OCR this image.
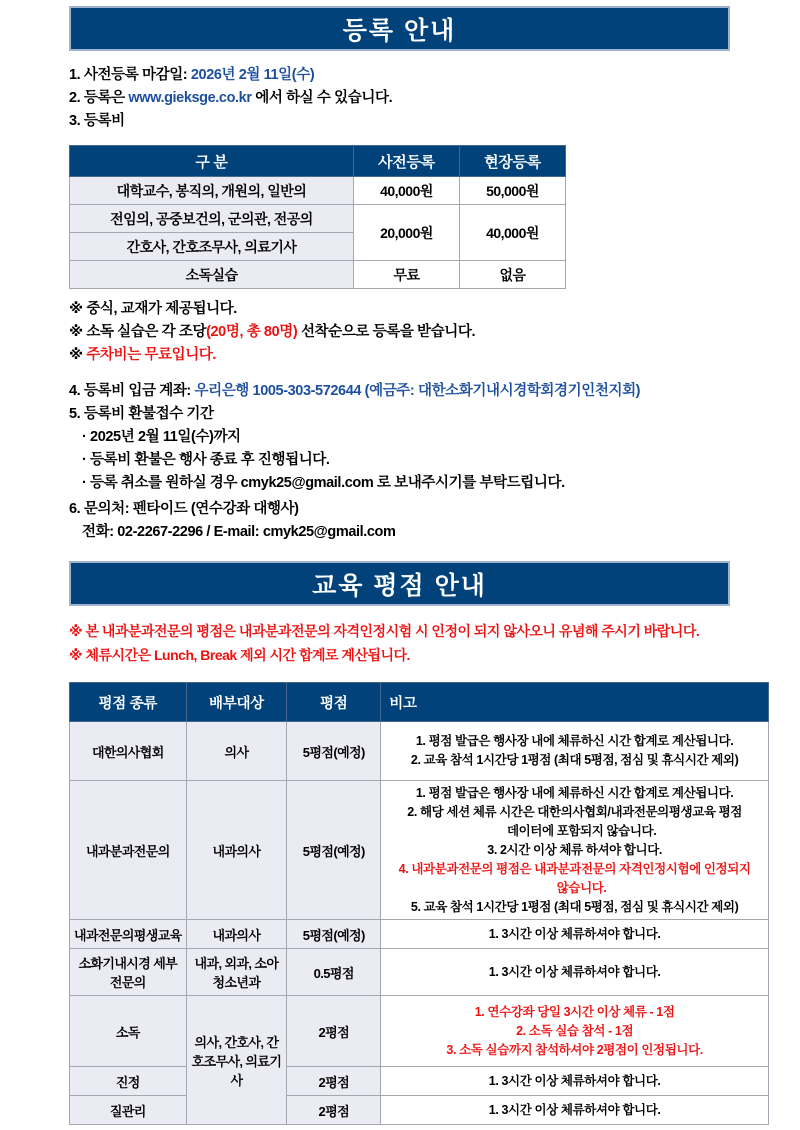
등록 안내

1. 사전등록 마감일: 2026년 2월 11일(수)

2. 등록은 www.gieksge.co.kr 에서 하실 수 있습니다.

3. 등록비

구 분	사전등록	현장등록
대학교수, 봉직의, 개원의, 일반의	40,000원	50,000원
전임의, 공중보건의, 군의관, 전공의	20,000원	40,000원
간호사, 간호조무사, 의료기사		
소독실습	무료	없음

※ 중식, 교재가 제공됩니다.

※ 소독 실습은 각 조당(20명, 총 80명) 선착순으로 등록을 받습니다.

※ 주차비는 무료입니다.

4. 등록비 입금 계좌: 우리은행 1005-303-572644 (예금주: 대한소화기내시경학회경기인천지회)

5. 등록비 환불접수 기간

· 2025년 2월 11일(수)까지

· 등록비 환불은 행사 종료 후 진행됩니다.

· 등록 취소를 원하실 경우 cmyk25@gmail.com 로 보내주시기를 부탁드립니다.

6. 문의처: 펜타이드 (연수강좌 대행사)

전화: 02-2267-2296 / E-mail: cmyk25@gmail.com

교육 평점 안내

※ 본 내과분과전문의 평점은 내과분과전문의 자격인정시험 시 인정이 되지 않사오니 유념해 주시기 바랍니다.

※ 체류시간은 Lunch, Break 제외 시간 합계로 계산됩니다.

평점 종류	배부대상	평점	비고
대한의사협회	의사	5평점(예정)	1. 평점 발급은 행사장 내에 체류하신 시간 합계로 계산됩니다.

2. 교육 참석 1시간당 1평점 (최대 5평점, 점심 및 휴식시간 제외)

내과분과전문의	내과의사	5평점(예정)	

1. 평점 발급은 행사장 내에 체류하신 시간 합계로 계산됩니다.

2. 해당 세션 체류 시간은 대한의사협회/내과전문의평생교육 평점

데이터에 포함되지 않습니다.

3. 2시간 이상 체류 하셔야 합니다.

4. 내과분과전문의 평점은 내과분과전문의 자격인정시험에 인정되지

않습니다.

5. 교육 참석 1시간당 1평점 (최대 5평점, 점심 및 휴식시간 제외)

내과전문의평생교육	내과의사	5평점(예정)	1. 3시간 이상 체류하셔야 합니다.

소화기내시경 세부전문의	내과, 외과, 소아청소년과	0.5평점	1. 3시간 이상 체류하셔야 합니다.

소독	의사, 간호사, 간호조무사, 의료기사	2평점	1. 연수강좌 당일 3시간 이상 체류 - 1점

2. 소독 실습 참석 - 1점

3. 소독 실습까지 참석하셔야 2평점이 인정됩니다.

진정		2평점	1. 3시간 이상 체류하셔야 합니다.

질관리		2평점	1. 3시간 이상 체류하셔야 합니다.
